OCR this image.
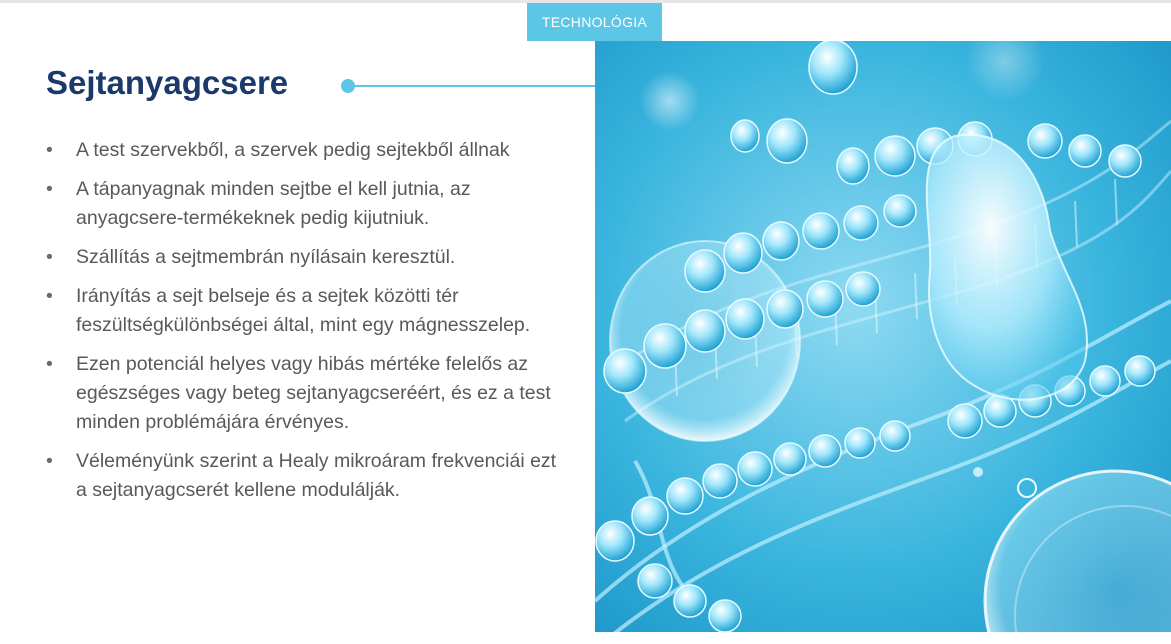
TECHNOLÓGIA
Sejtanyagcsere
• A test szervekből, a szervek pedig sejtekből állnak
• A tápanyagnak minden sejtbe el kell jutnia, az anyagcsere-termékeknek pedig kijutniuk.
• Szállítás a sejtmembrán nyílásain keresztül.
• Irányítás a sejt belseje és a sejtek közötti tér feszültségkülönbségei által, mint egy mágnesszelep.
• Ezen potenciál helyes vagy hibás mértéke felelős az egészséges vagy beteg sejtanyagcseréért, és ez a test minden problémájára érvényes.
• Véleményünk szerint a Healy mikroáram frekvenciái ezt a sejtanyagcserét kellene modulálják.
